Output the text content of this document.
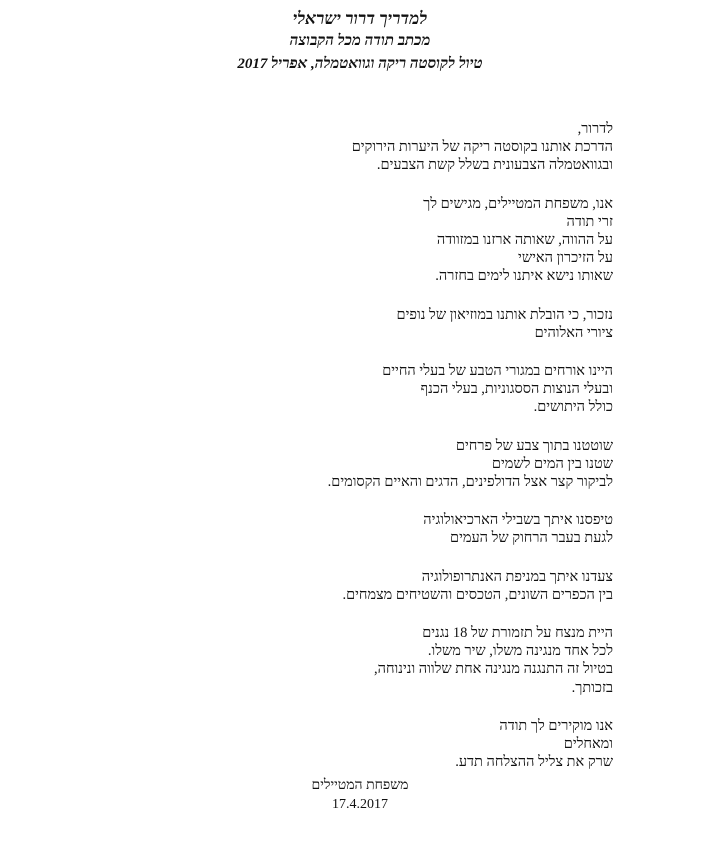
למדריך דרור ישראלי
מכתב תודה מכל הקבוצה
טיול לקוסטה ריקה וגוואטמלה, אפריל 2017
לדרור,
הדרכת אותנו בקוסטה ריקה של היערות הירוקים
ובגוואטמלה הצבעונית בשלל קשת הצבעים.
אנו, משפחת המטיילים, מגישים לך
זרי תודה
על ההווה, שאותה ארזנו במזוודה
על הזיכרון האישי
שאותו נישא איתנו לימים בחזרה.
נזכור, כי הובלת אותנו במוזיאון של נופים
ציורי האלוהים
היינו אורחים במגורי הטבע של בעלי החיים
ובעלי הנוצות הססגוניות, בעלי הכנף
כולל היתושים.
שוטטנו בתוך צבע של פרחים
שטנו בין המים לשמים
לביקור קצר אצל הדולפינים, הדגים והאיים הקסומים.
טיפסנו איתך בשבילי הארכיאולוגיה
לגעת בעבר הרחוק של העמים
צעדנו איתך במניפת האנתרופולוגיה
בין הכפרים השונים, הטכסים והשטיחים מצמחים.
היית מנצח על תזמורת של 18 נגנים
לכל אחד מנגינה משלו, שיר משלו.
בטיול זה התנגנה מנגינה אחת שלווה ונינוחה,
בזכותך.
אנו מוקירים לך תודה
ומאחלים
שרק את צליל ההצלחה תדע.
משפחת המטיילים
17.4.2017
